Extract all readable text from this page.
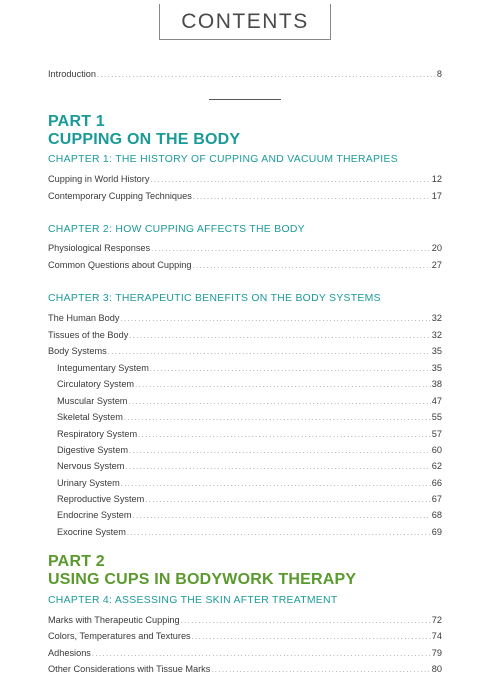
CONTENTS
Introduction .....	8
PART 1
CUPPING ON THE BODY
CHAPTER 1: THE HISTORY OF CUPPING AND VACUUM THERAPIES
Cupping in World History .....	12
Contemporary Cupping Techniques .....	17
CHAPTER 2: HOW CUPPING AFFECTS THE BODY
Physiological Responses .....	20
Common Questions about Cupping .....	27
CHAPTER 3: THERAPEUTIC BENEFITS ON THE BODY SYSTEMS
The Human Body .....	32
Tissues of the Body .....	32
Body Systems .....	35
Integumentary System .....	35
Circulatory System .....	38
Muscular System .....	47
Skeletal System .....	55
Respiratory System .....	57
Digestive System .....	60
Nervous System .....	62
Urinary System .....	66
Reproductive System .....	67
Endocrine System .....	68
Exocrine System .....	69
PART 2
USING CUPS IN BODYWORK THERAPY
CHAPTER 4: ASSESSING THE SKIN AFTER TREATMENT
Marks with Therapeutic Cupping .....	72
Colors, Temperatures and Textures .....	74
Adhesions .....	79
Other Considerations with Tissue Marks .....	80
